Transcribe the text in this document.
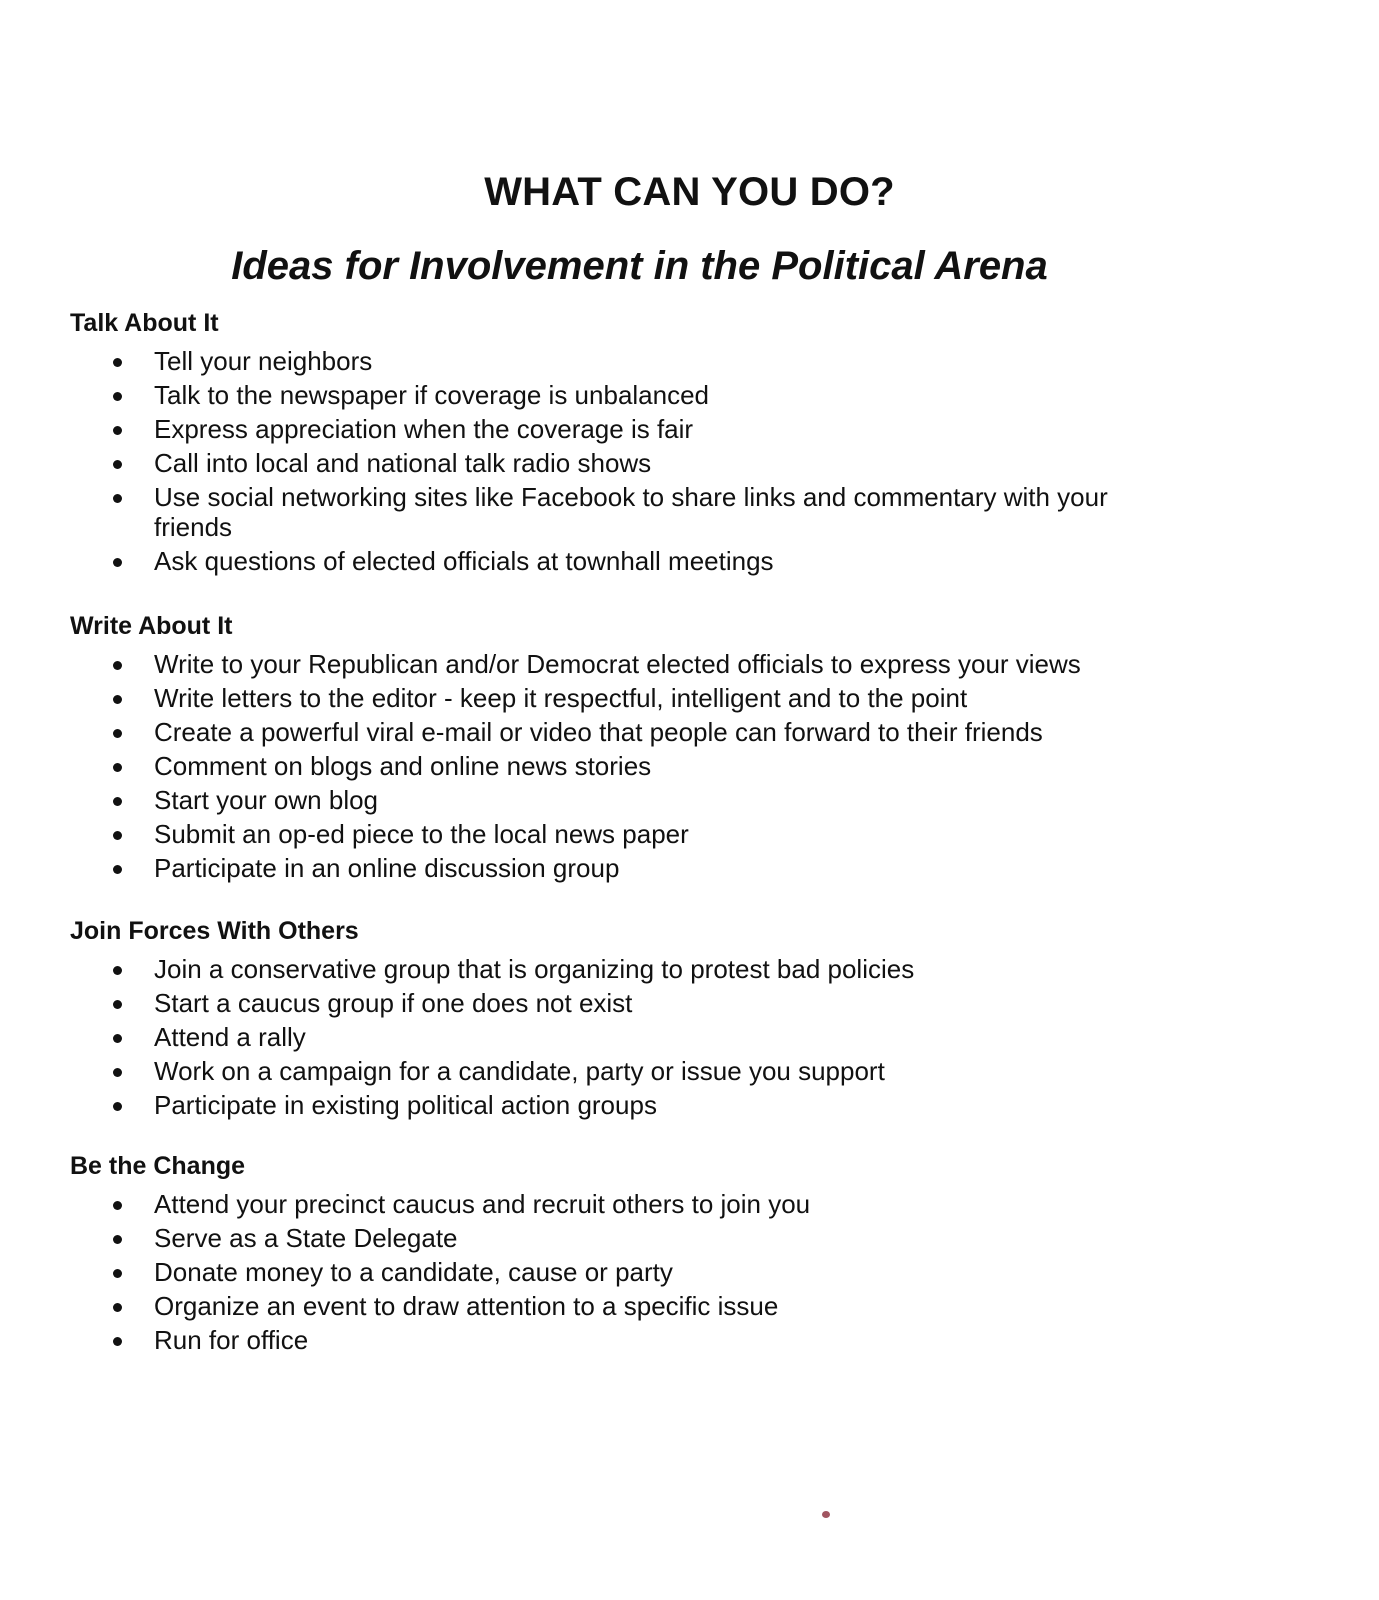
WHAT CAN YOU DO?
Ideas for Involvement in the Political Arena
Talk About It
Tell your neighbors
Talk to the newspaper if coverage is unbalanced
Express appreciation when the coverage is fair
Call into local and national talk radio shows
Use social networking sites like Facebook to share links and commentary with your friends
Ask questions of elected officials at townhall meetings
Write About It
Write to your Republican and/or Democrat elected officials to express your views
Write letters to the editor - keep it respectful, intelligent and to the point
Create a powerful viral e-mail or video that people can forward to their friends
Comment on blogs and online news stories
Start your own blog
Submit an op-ed piece to the local news paper
Participate in an online discussion group
Join Forces With Others
Join a conservative group that is organizing to protest bad policies
Start a caucus group if one does not exist
Attend a rally
Work on a campaign for a candidate, party or issue you support
Participate in existing political action groups
Be the Change
Attend your precinct caucus and recruit others to join you
Serve as a State Delegate
Donate money to a candidate, cause or party
Organize an event to draw attention to a specific issue
Run for office
